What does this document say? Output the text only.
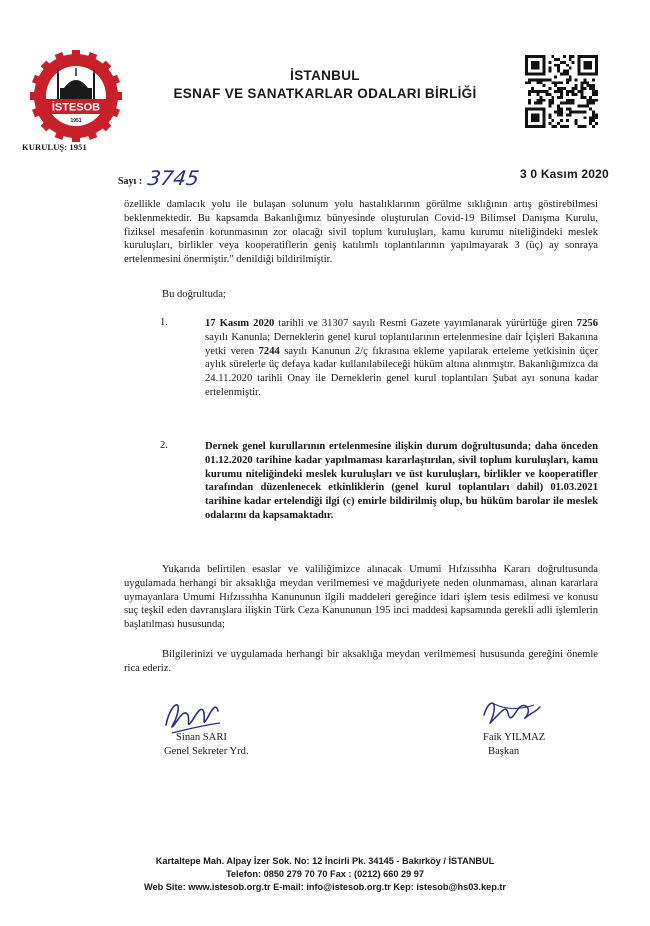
İSTESOB
1951
KURULUŞ: 1951
İSTANBUL
ESNAF VE SANATKARLAR ODALARI BİRLİĞİ
Sayı : 3745	3 0 Kasım 2020
özellikle damlacık yolu ile bulaşan solunum yolu hastalıklarının görülme sıklığının artış göstirebilmesi beklenmektedir. Bu kapsamda Bakanlığımız bünyesinde oluşturulan Covid-19 Bilimsel Danışma Kurulu, fiziksel mesafenin korunmasının zor olacağı sivil toplum kuruluşları, kamu kurumu niteliğindeki meslek kuruluşları, birlikler veya kooperatiflerin geniş katılımlı toplantılarının yapılmayarak 3 (üç) ay sonraya ertelenmesini önermiştir." denildiği bildirilmiştir.
Bu doğrultuda;
1.	17 Kasım 2020 tarihli ve 31307 sayılı Resmi Gazete yayımlanarak yürürlüğe giren 7256 sayılı Kanunla; Derneklerin genel kurul toplantılarının ertelenmesine dair İçişleri Bakanına yetki veren 7244 sayılı Kanunun 2/ç fıkrasına ekleme yapılarak erteleme yetkisinin üçer aylık sürelerle üç defaya kadar kullanılabileceği hüküm altına alınmıştır. Bakanlığımızca da 24.11.2020 tarihli Onay ile Derneklerin genel kurul toplantıları Şubat ayı sonuna kadar ertelenmiştir.
2.	Dernek genel kurullarının ertelenmesine ilişkin durum doğrultusunda; daha önceden 01.12.2020 tarihine kadar yapılmaması kararlaştırılan, sivil toplum kuruluşları, kamu kurumu niteliğindeki meslek kuruluşları ve üst kuruluşları, birlikler ve kooperatifler tarafından düzenlenecek etkinliklerin (genel kurul toplantıları dahil) 01.03.2021 tarihine kadar ertelendiği ilgi (c) emirle bildirilmiş olup, bu hüküm barolar ile meslek odalarını da kapsamaktadır.
Yukarıda belirtilen esaslar ve valiliğimizce alınacak Umumi Hıfzıssıhha Kararı doğrultusunda uygulamada herhangi bir aksaklığa meydan verilmemesi ve mağduriyete neden olunmaması, alınan kararlara uymayanlara Umumi Hıfzıssıhha Kanununun ilgili maddeleri gereğince idari işlem tesis edilmesi ve konusu suç teşkil eden davranışlara ilişkin Türk Ceza Kanununun 195 inci maddesi kapsamında gerekli adli işlemlerin başlatılması hususunda;
Bilgilerinizi ve uygulamada herhangi bir aksaklığa meydan verilmemesi hususunda gereğini önemle rica ederiz.
Sinan SARI
Genel Sekreter Yrd.
Faik YILMAZ
Başkan
Kartaltepe Mah. Alpay İzer Sok. No: 12 İncirli Pk. 34145 - Bakırköy / İSTANBUL
Telefon: 0850 279 70 70 Fax : (0212) 660 29 97
Web Site: www.istesob.org.tr E-mail: info@istesob.org.tr Kep: istesob@hs03.kep.tr
